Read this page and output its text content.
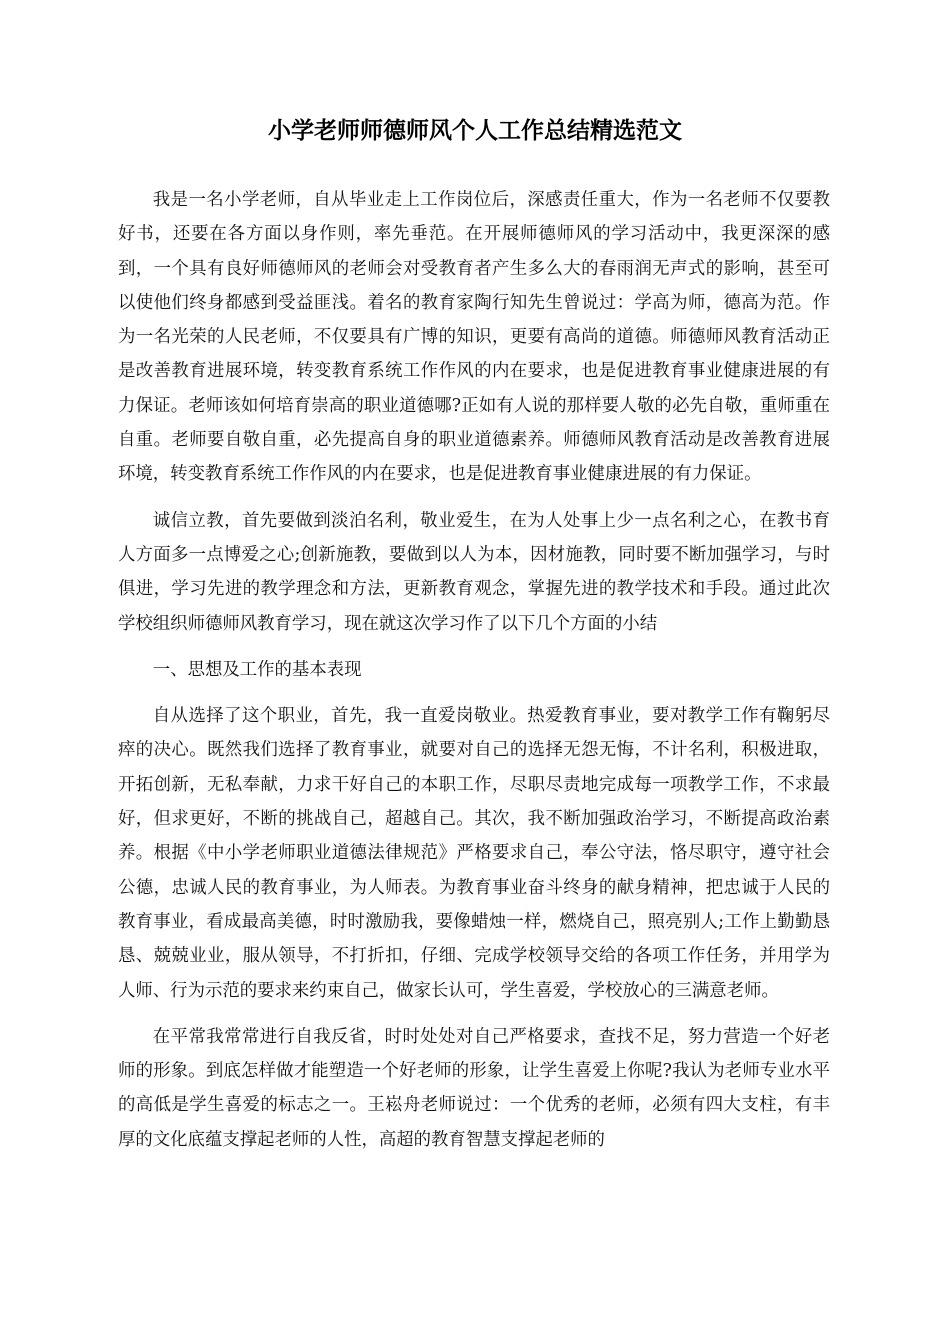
小学老师师德师风个人工作总结精选范文

我是一名小学老师，自从毕业走上工作岗位后，深感责任重大，作为一名老师不仅要教好书，还要在各方面以身作则，率先垂范。在开展师德师风的学习活动中，我更深深的感到，一个具有良好师德师风的老师会对受教育者产生多么大的春雨润无声式的影响，甚至可以使他们终身都感到受益匪浅。着名的教育家陶行知先生曾说过：学高为师，德高为范。作为一名光荣的人民老师，不仅要具有广博的知识，更要有高尚的道德。师德师风教育活动正是改善教育进展环境，转变教育系统工作作风的内在要求，也是促进教育事业健康进展的有力保证。老师该如何培育崇高的职业道德哪?正如有人说的那样要人敬的必先自敬，重师重在自重。老师要自敬自重，必先提高自身的职业道德素养。师德师风教育活动是改善教育进展环境，转变教育系统工作作风的内在要求，也是促进教育事业健康进展的有力保证。

诚信立教，首先要做到淡泊名利，敬业爱生，在为人处事上少一点名利之心，在教书育人方面多一点博爱之心;创新施教，要做到以人为本，因材施教，同时要不断加强学习，与时俱进，学习先进的教学理念和方法，更新教育观念，掌握先进的教学技术和手段。通过此次学校组织师德师风教育学习，现在就这次学习作了以下几个方面的小结

一、思想及工作的基本表现

自从选择了这个职业，首先，我一直爱岗敬业。热爱教育事业，要对教学工作有鞠躬尽瘁的决心。既然我们选择了教育事业，就要对自己的选择无怨无悔，不计名利，积极进取，开拓创新，无私奉献，力求干好自己的本职工作，尽职尽责地完成每一项教学工作，不求最好，但求更好，不断的挑战自己，超越自己。其次，我不断加强政治学习，不断提高政治素养。根据《中小学老师职业道德法律规范》严格要求自己，奉公守法，恪尽职守，遵守社会公德，忠诚人民的教育事业，为人师表。为教育事业奋斗终身的献身精神，把忠诚于人民的教育事业，看成最高美德，时时激励我，要像蜡烛一样，燃烧自己，照亮别人;工作上勤勤恳恳、兢兢业业，服从领导，不打折扣，仔细、完成学校领导交给的各项工作任务，并用学为人师、行为示范的要求来约束自己，做家长认可，学生喜爱，学校放心的三满意老师。

在平常我常常进行自我反省，时时处处对自己严格要求，查找不足，努力营造一个好老师的形象。到底怎样做才能塑造一个好老师的形象，让学生喜爱上你呢?我认为老师专业水平的高低是学生喜爱的标志之一。王崧舟老师说过：一个优秀的老师，必须有四大支柱，有丰厚的文化底蕴支撑起老师的人性，高超的教育智慧支撑起老师的
